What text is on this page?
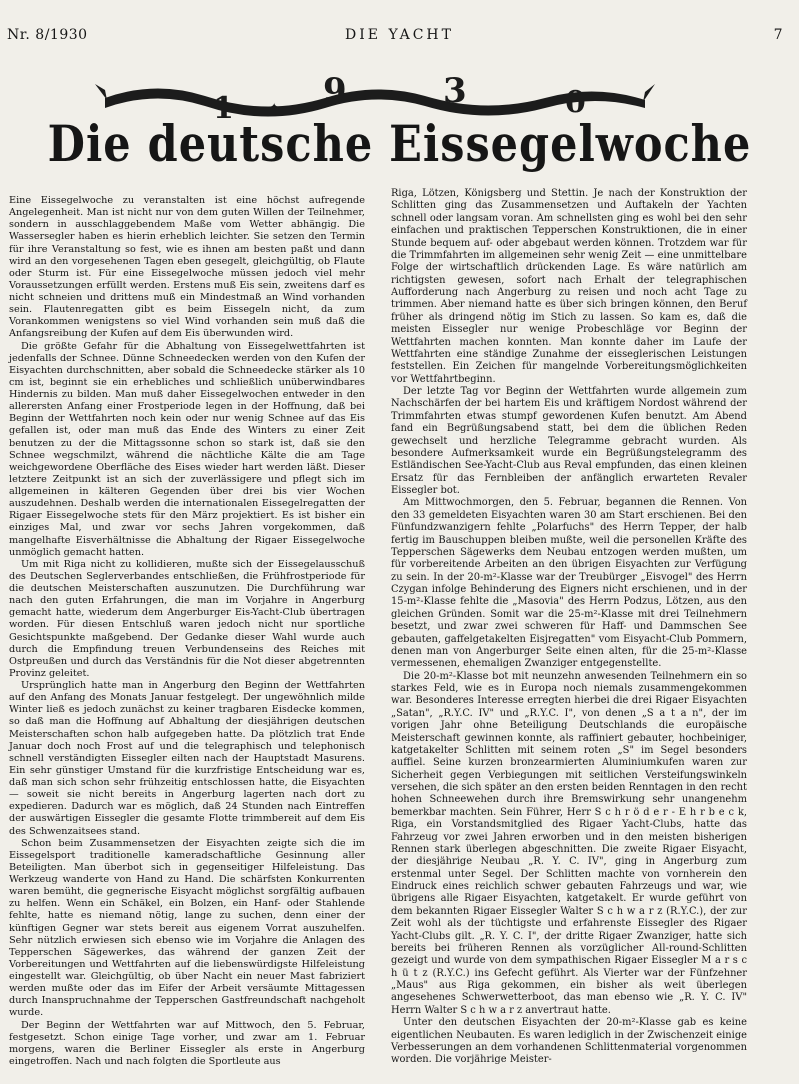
Nr. 8/1930	DIE YACHT	7
1	9	3	0
✦	✦
Die deutsche Eissegelwoche

Eine Eissegelwoche zu veranstalten ist eine höchst aufregende Angelegenheit. Man ist nicht nur von dem guten Willen der Teilnehmer, sondern in ausschlaggebendem Maße vom Wetter abhängig. Die Wassersegler haben es hierin erheblich leichter. Sie setzen den Termin für ihre Veranstaltung so fest, wie es ihnen am besten paßt und dann wird an den vorgesehenen Tagen eben gesegelt, gleichgültig, ob Flaute oder Sturm ist. Für eine Eissegelwoche müssen jedoch viel mehr Voraussetzungen erfüllt werden. Erstens muß Eis sein, zweitens darf es nicht schneien und drittens muß ein Mindestmaß an Wind vorhanden sein. Flautenregatten gibt es beim Eissegeln nicht, da zum Vorankommen wenigstens so viel Wind vorhanden sein muß daß die Anfangsreibung der Kufen auf dem Eis überwunden wird.

Die größte Gefahr für die Abhaltung von Eissegelwettfahrten ist jedenfalls der Schnee. Dünne Schneedecken werden von den Kufen der Eisyachten durchschnitten, aber sobald die Schneedecke stärker als 10 cm ist, beginnt sie ein erhebliches und schließlich unüberwindbares Hindernis zu bilden. Man muß daher Eissegelwochen entweder in den allerersten Anfang einer Frostperiode legen in der Hoffnung, daß bei Beginn der Wettfahrten noch kein oder nur wenig Schnee auf das Eis gefallen ist, oder man muß das Ende des Winters zu einer Zeit benutzen zu der die Mittagssonne schon so stark ist, daß sie den Schnee wegschmilzt, während die nächtliche Kälte die am Tage weichgewordene Oberfläche des Eises wieder hart werden läßt. Dieser letztere Zeitpunkt ist an sich der zuverlässigere und pflegt sich im allgemeinen in kälteren Gegenden über drei bis vier Wochen auszudehnen. Deshalb werden die internationalen Eissegelregatten der Rigaer Eissegelwoche stets für den März projektiert. Es ist bisher ein einziges Mal, und zwar vor sechs Jahren vorgekommen, daß mangelhafte Eisverhältnisse die Abhaltung der Rigaer Eissegelwoche unmöglich gemacht hatten.

Um mit Riga nicht zu kollidieren, mußte sich der Eissegelausschuß des Deutschen Seglerverbandes entschließen, die Frühfrostperiode für die deutschen Meisterschaften auszunutzen. Die Durchführung war nach den guten Erfahrungen, die man im Vorjahre in Angerburg gemacht hatte, wiederum dem Angerburger Eis-Yacht-Club übertragen worden. Für diesen Entschluß waren jedoch nicht nur sportliche Gesichtspunkte maßgebend. Der Gedanke dieser Wahl wurde auch durch die Empfindung treuen Verbundenseins des Reiches mit Ostpreußen und durch das Verständnis für die Not dieser abgetrennten Provinz geleitet.

Ursprünglich hatte man in Angerburg den Beginn der Wettfahrten auf den Anfang des Monats Januar festgelegt. Der ungewöhnlich milde Winter ließ es jedoch zunächst zu keiner tragbaren Eisdecke kommen, so daß man die Hoffnung auf Abhaltung der diesjährigen deutschen Meisterschaften schon halb aufgegeben hatte. Da plötzlich trat Ende Januar doch noch Frost auf und die telegraphisch und telephonisch schnell verständigten Eissegler eilten nach der Hauptstadt Masurens. Ein sehr günstiger Umstand für die kurzfristige Entscheidung war es, daß man sich schon sehr frühzeitig entschlossen hatte, die Eisyachten — soweit sie nicht bereits in Angerburg lagerten nach dort zu expedieren. Dadurch war es möglich, daß 24 Stunden nach Eintreffen der auswärtigen Eissegler die gesamte Flotte trimmbereit auf dem Eis des Schwenzaitsees stand.

Schon beim Zusammensetzen der Eisyachten zeigte sich die im Eissegelsport traditionelle kameradschaftliche Gesinnung aller Beteiligten. Man überbot sich in gegenseitiger Hilfeleistung. Das Werkzeug wanderte von Hand zu Hand. Die schärfsten Konkurrenten waren bemüht, die gegnerische Eisyacht möglichst sorgfältig aufbauen zu helfen. Wenn ein Schäkel, ein Bolzen, ein Hanf- oder Stahlende fehlte, hatte es niemand nötig, lange zu suchen, denn einer der künftigen Gegner war stets bereit aus eigenem Vorrat auszuhelfen. Sehr nützlich erwiesen sich ebenso wie im Vorjahre die Anlagen des Tepperschen Sägewerkes, das während der ganzen Zeit der Vorbereitungen und Wettfahrten auf die liebenswürdigste Hilfeleistung eingestellt war. Gleichgültig, ob über Nacht ein neuer Mast fabriziert werden mußte oder das im Eifer der Arbeit versäumte Mittagessen durch Inanspruchnahme der Tepperschen Gastfreundschaft nachgeholt wurde.

Der Beginn der Wettfahrten war auf Mittwoch, den 5. Februar, festgesetzt. Schon einige Tage vorher, und zwar am 1. Februar morgens, waren die Berliner Eissegler als erste in Angerburg eingetroffen. Nach und nach folgten die Sportleute aus

Riga, Lötzen, Königsberg und Stettin. Je nach der Konstruktion der Schlitten ging das Zusammensetzen und Auftakeln der Yachten schnell oder langsam voran. Am schnellsten ging es wohl bei den sehr einfachen und praktischen Tepperschen Konstruktionen, die in einer Stunde bequem auf- oder abgebaut werden können. Trotzdem war für die Trimmfahrten im allgemeinen sehr wenig Zeit — eine unmittelbare Folge der wirtschaftlich drückenden Lage. Es wäre natürlich am richtigsten gewesen, sofort nach Erhalt der telegraphischen Aufforderung nach Angerburg zu reisen und noch acht Tage zu trimmen. Aber niemand hatte es über sich bringen können, den Beruf früher als dringend nötig im Stich zu lassen. So kam es, daß die meisten Eissegler nur wenige Probeschläge vor Beginn der Wettfahrten machen konnten. Man konnte daher im Laufe der Wettfahrten eine ständige Zunahme der eisseglerischen Leistungen feststellen. Ein Zeichen für mangelnde Vorbereitungsmöglichkeiten vor Wettfahrtbeginn.

Der letzte Tag vor Beginn der Wettfahrten wurde allgemein zum Nachschärfen der bei hartem Eis und kräftigem Nordost während der Trimmfahrten etwas stumpf gewordenen Kufen benutzt. Am Abend fand ein Begrüßungsabend statt, bei dem die üblichen Reden gewechselt und herzliche Telegramme gebracht wurden. Als besondere Aufmerksamkeit wurde ein Begrüßungstelegramm des Estländischen See-Yacht-Club aus Reval empfunden, das einen kleinen Ersatz für das Fernbleiben der anfänglich erwarteten Revaler Eissegler bot.

Am Mittwochmorgen, den 5. Februar, begannen die Rennen. Von den 33 gemeldeten Eisyachten waren 30 am Start erschienen. Bei den Fünfundzwanzigern fehlte „Polarfuchs" des Herrn Tepper, der halb fertig im Bauschuppen bleiben mußte, weil die personellen Kräfte des Tepperschen Sägewerks dem Neubau entzogen werden mußten, um für vorbereitende Arbeiten an den übrigen Eisyachten zur Verfügung zu sein. In der 20-m²-Klasse war der Treubürger „Eisvogel" des Herrn Czygan infolge Behinderung des Eigners nicht erschienen, und in der 15-m²-Klasse fehlte die „Masovia" des Herrn Podzus, Lötzen, aus den gleichen Gründen. Somit war die 25-m²-Klasse mit drei Teilnehmern besetzt, und zwar zwei schweren für Haff- und Dammschen See gebauten, gaffelgetakelten Eisjregatten" vom Eisyacht-Club Pommern, denen man von Angerburger Seite einen alten, für die 25-m²-Klasse vermessenen, ehemaligen Zwanziger entgegenstellte.

Die 20-m²-Klasse bot mit neunzehn anwesenden Teilnehmern ein so starkes Feld, wie es in Europa noch niemals zusammengekommen war. Besonderes Interesse erregten hierbei die drei Rigaer Eisyachten „Satan", „R.Y.C. IV" und „R.Y.C. I", von denen „S a t a n", der im vorigen Jahr ohne Beteiligung Deutschlands die europäische Meisterschaft gewinnen konnte, als raffiniert gebauter, hochbeiniger, katgetakelter Schlitten mit seinem roten „S" im Segel besonders auffiel. Seine kurzen bronzearmierten Aluminiumkufen waren zur Sicherheit gegen Verbiegungen mit seitlichen Versteifungswinkeln versehen, die sich später an den ersten beiden Renntagen in den recht hohen Schneewehen durch ihre Bremswirkung sehr unangenehm bemerkbar machten. Sein Führer, Herr S c h r ö d e r - E h r b e c k, Riga, ein Vorstandsmitglied des Rigaer Yacht-Clubs, hatte das Fahrzeug vor zwei Jahren erworben und in den meisten bisherigen Rennen stark überlegen abgeschnitten. Die zweite Rigaer Eisyacht, der diesjährige Neubau „R. Y. C. IV", ging in Angerburg zum erstenmal unter Segel. Der Schlitten machte von vornherein den Eindruck eines reichlich schwer gebauten Fahrzeugs und war, wie übrigens alle Rigaer Eisyachten, katgetakelt. Er wurde geführt von dem bekannten Rigaer Eissegler Walter S c h w a r z (R.Y.C.), der zur Zeit wohl als der tüchtigste und erfahrenste Eissegler des Rigaer Yacht-Clubs gilt. „R. Y. C. I", der dritte Rigaer Zwanziger, hatte sich bereits bei früheren Rennen als vorzüglicher All-round-Schlitten gezeigt und wurde von dem sympathischen Rigaer Eissegler M a r s c h ü t z (R.Y.C.) ins Gefecht geführt. Als Vierter war der Fünfzehner „Maus" aus Riga gekommen, ein bisher als weit überlegen angesehenes Schwerwetterboot, das man ebenso wie „R. Y. C. IV" Herrn Walter S c h w a r z anvertraut hatte.

Unter den deutschen Eisyachten der 20-m²-Klasse gab es keine eigentlichen Neubauten. Es waren lediglich in der Zwischenzeit einige Verbesserungen an dem vorhandenen Schlittenmaterial vorgenommen worden. Die vorjährige Meister-
